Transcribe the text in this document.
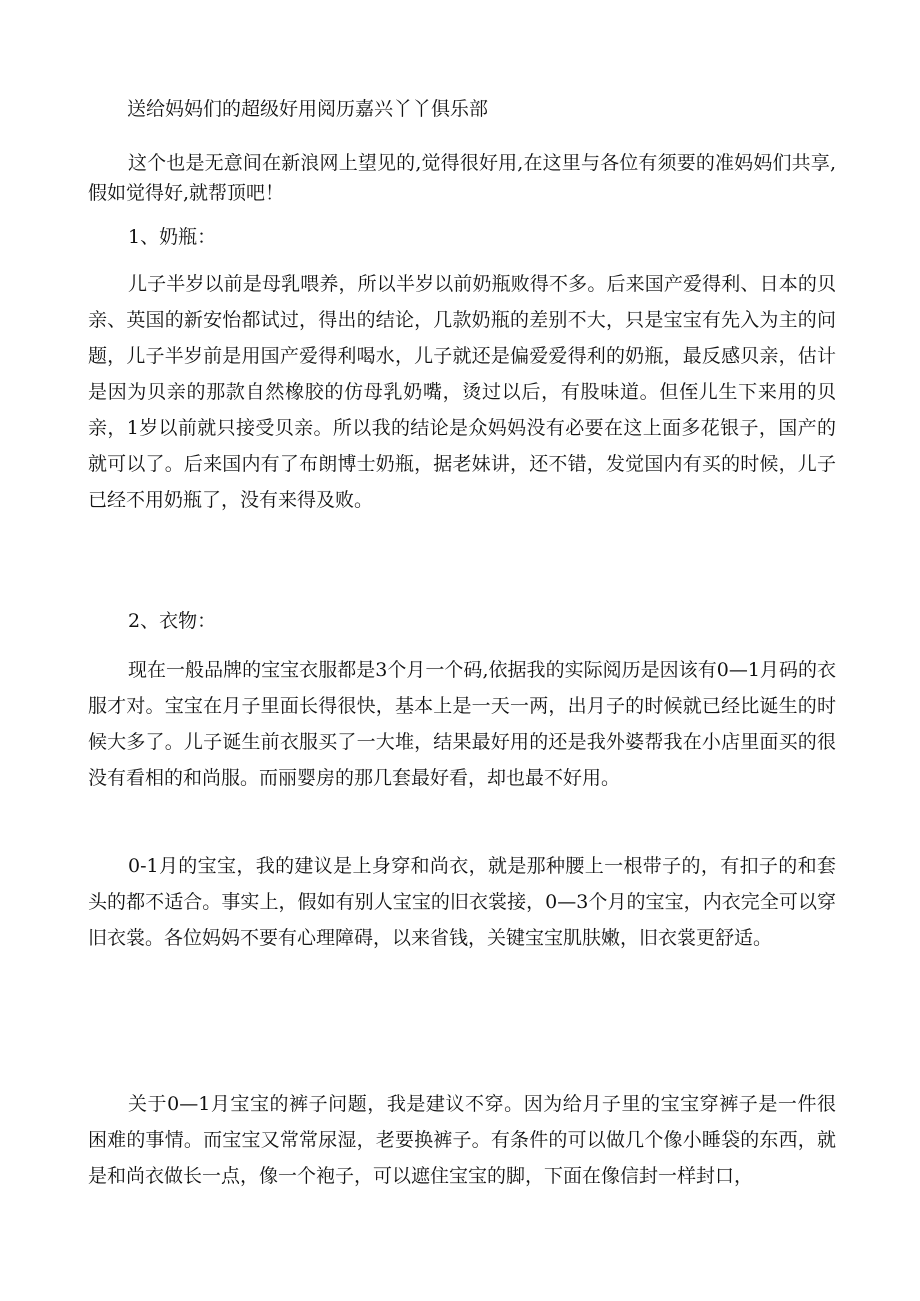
送给妈妈们的超级好用阅历嘉兴丫丫俱乐部

这个也是无意间在新浪网上望见的,觉得很好用,在这里与各位有须要的准妈妈们共享,假如觉得好,就帮顶吧！

1、奶瓶：

儿子半岁以前是母乳喂养，所以半岁以前奶瓶败得不多。后来国产爱得利、日本的贝亲、英国的新安怡都试过，得出的结论，几款奶瓶的差别不大，只是宝宝有先入为主的问题，儿子半岁前是用国产爱得利喝水，儿子就还是偏爱爱得利的奶瓶，最反感贝亲，估计是因为贝亲的那款自然橡胶的仿母乳奶嘴，烫过以后，有股味道。但侄儿生下来用的贝亲，1岁以前就只接受贝亲。所以我的结论是众妈妈没有必要在这上面多花银子，国产的就可以了。后来国内有了布朗博士奶瓶，据老妹讲，还不错，发觉国内有买的时候，儿子已经不用奶瓶了，没有来得及败。

2、衣物：

现在一般品牌的宝宝衣服都是3个月一个码,依据我的实际阅历是因该有0—1月码的衣服才对。宝宝在月子里面长得很快，基本上是一天一两，出月子的时候就已经比诞生的时候大多了。儿子诞生前衣服买了一大堆，结果最好用的还是我外婆帮我在小店里面买的很没有看相的和尚服。而丽婴房的那几套最好看，却也最不好用。

0-1月的宝宝，我的建议是上身穿和尚衣，就是那种腰上一根带子的，有扣子的和套头的都不适合。事实上，假如有别人宝宝的旧衣裳接，0—3个月的宝宝，内衣完全可以穿旧衣裳。各位妈妈不要有心理障碍，以来省钱，关键宝宝肌肤嫩，旧衣裳更舒适。

关于0—1月宝宝的裤子问题，我是建议不穿。因为给月子里的宝宝穿裤子是一件很困难的事情。而宝宝又常常尿湿，老要换裤子。有条件的可以做几个像小睡袋的东西，就是和尚衣做长一点，像一个袍子，可以遮住宝宝的脚，下面在像信封一样封口，
